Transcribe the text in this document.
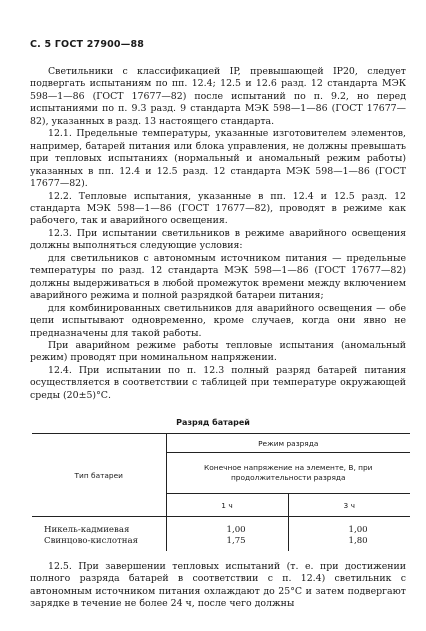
С. 5 ГОСТ 27900—88

Светильники с классификацией IP, превышающей IP20, следует подвергать испытаниям по пп. 12.4; 12.5 и 12.6 разд. 12 стандарта МЭК 598—1—86 (ГОСТ 17677—82) после испытаний по п. 9.2, но перед испытаниями по п. 9.3 разд. 9 стандарта МЭК 598—1—86 (ГОСТ 17677—82), указанных в разд. 13 настоящего стандарта.

12.1. Предельные температуры, указанные изготовителем элементов, например, батарей питания или блока управления, не должны превышать при тепловых испытаниях (нормальный и аномальный режим работы) указанных в пп. 12.4 и 12.5 разд. 12 стандарта МЭК 598—1—86 (ГОСТ 17677—82).

12.2. Тепловые испытания, указанные в пп. 12.4 и 12.5 разд. 12 стандарта МЭК 598—1—86 (ГОСТ 17677—82), проводят в режиме как рабочего, так и аварийного освещения.

12.3. При испытании светильников в режиме аварийного освещения должны выполняться следующие условия:

для светильников с автономным источником питания — предельные температуры по разд. 12 стандарта МЭК 598—1—86 (ГОСТ 17677—82) должны выдерживаться в любой промежуток времени между включением аварийного режима и полной разрядкой батареи питания;

для комбинированных светильников для аварийного освещения — обе цепи испытывают одновременно, кроме случаев, когда они явно не предназначены для такой работы.

При аварийном режиме работы тепловые испытания (аномальный режим) проводят при номинальном напряжении.

12.4. При испытании по п. 12.3 полный разряд батарей питания осуществляется в соответствии с таблицей при температуре окружающей среды (20±5)°С.

Разряд батарей
Тип батареи	Режим разряда	
	Конечное напряжение на элементе, В, при продолжительности разряда	
	1 ч	3 ч
Никель-кадмиевая	1,00	1,00
Свинцово-кислотная	1,75	1,80

12.5. При завершении тепловых испытаний (т. е. при достижении полного разряда батарей в соответствии с п. 12.4) светильник с автономным источником питания охлаждают до 25°С и затем подвергают зарядке в течение не более 24 ч, после чего должны
